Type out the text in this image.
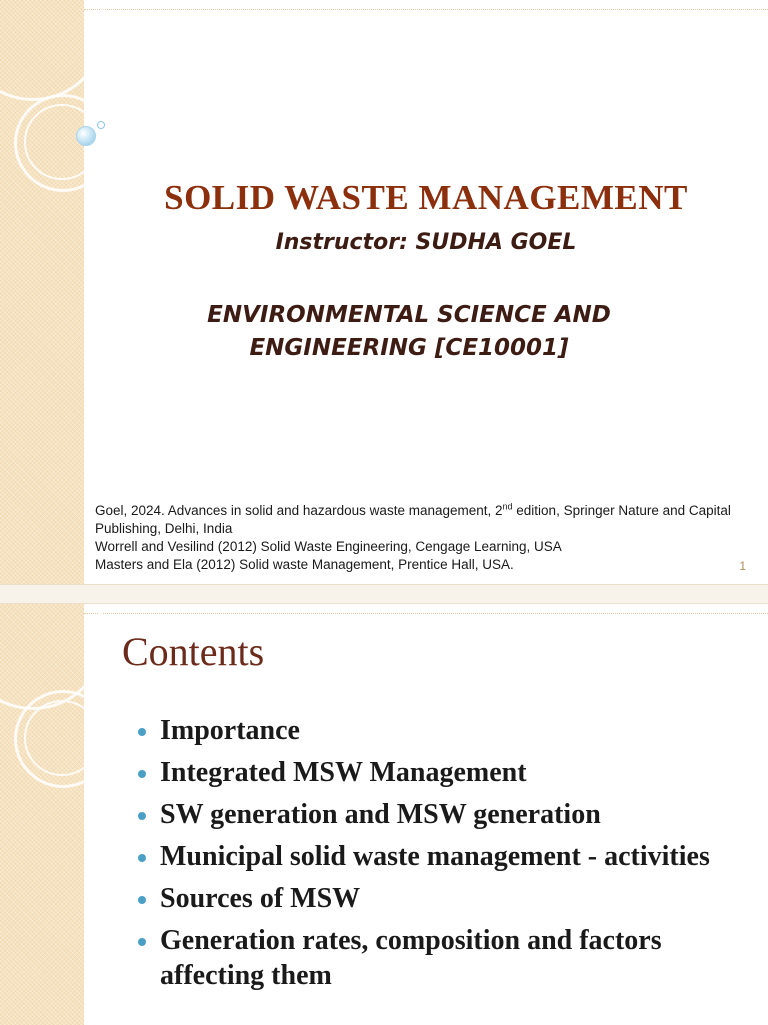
SOLID WASTE MANAGEMENT
Instructor: SUDHA GOEL
ENVIRONMENTAL SCIENCE AND
ENGINEERING [CE10001]
Goel, 2024. Advances in solid and hazardous waste management, 2nd edition, Springer Nature and Capital Publishing, Delhi, India
Worrell and Vesilind (2012) Solid Waste Engineering, Cengage Learning, USA
Masters and Ela (2012) Solid waste Management, Prentice Hall, USA.	1
Contents
Importance
Integrated MSW Management
SW generation and MSW generation
Municipal solid waste management - activities
Sources of MSW
Generation rates, composition and factors affecting them
